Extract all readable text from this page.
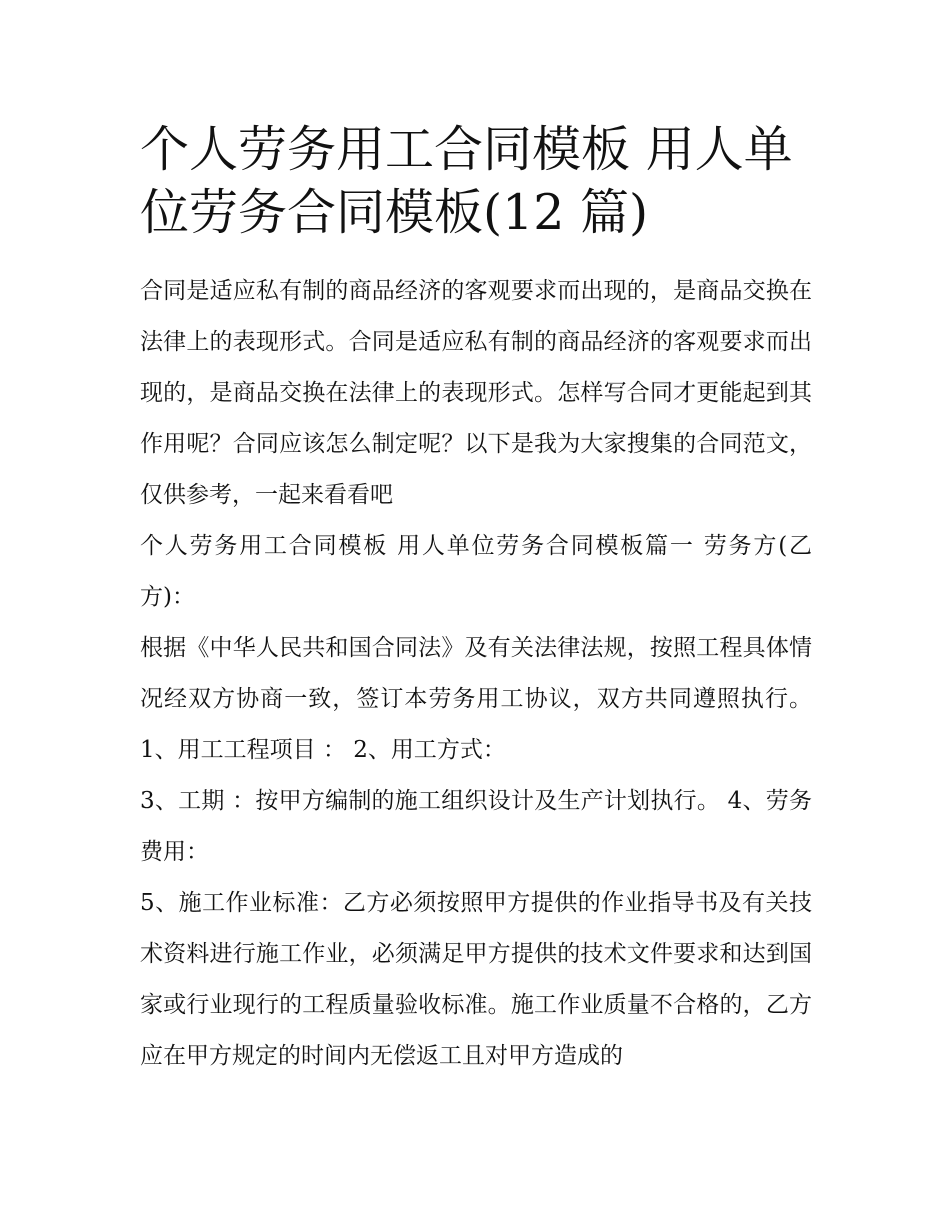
个人劳务用工合同模板 用人单位劳务合同模板(12 篇)

合同是适应私有制的商品经济的客观要求而出现的，是商品交换在法律上的表现形式。合同是适应私有制的商品经济的客观要求而出现的，是商品交换在法律上的表现形式。怎样写合同才更能起到其作用呢？合同应该怎么制定呢？以下是我为大家搜集的合同范文，仅供参考，一起来看看吧

个人劳务用工合同模板 用人单位劳务合同模板篇一 劳务方(乙方)：

根据《中华人民共和国合同法》及有关法律法规，按照工程具体情况经双方协商一致，签订本劳务用工协议，双方共同遵照执行。 1、用工工程项目 ： 2、用工方式：

3、工期 ：按甲方编制的施工组织设计及生产计划执行。 4、劳务费用：

5、施工作业标准：乙方必须按照甲方提供的作业指导书及有关技术资料进行施工作业，必须满足甲方提供的技术文件要求和达到国家或行业现行的工程质量验收标准。施工作业质量不合格的，乙方应在甲方规定的时间内无偿返工且对甲方造成的
